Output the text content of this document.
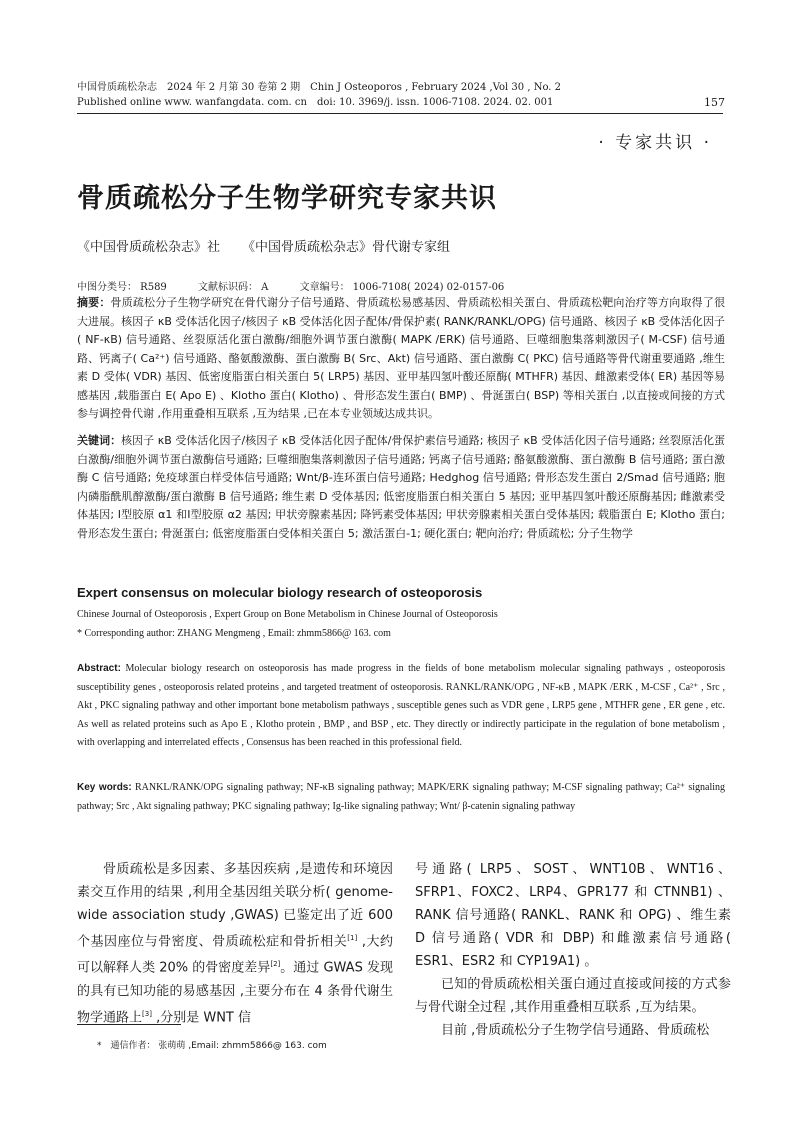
中国骨质疏松杂志　2024 年 2 月第 30 卷第 2 期　Chin J Osteoporos , February 2024 ,Vol 30 , No. 2
Published online www. wanfangdata. com. cn　doi: 10. 3969/j. issn. 1006-7108. 2024. 02. 001	157
· 专家共识 ·
骨质疏松分子生物学研究专家共识
《中国骨质疏松杂志》社 《中国骨质疏松杂志》骨代谢专家组
中图分类号： R589	文献标识码： A	文章编号： 1006-7108( 2024) 02-0157-06
摘要：骨质疏松分子生物学研究在骨代谢分子信号通路、骨质疏松易感基因、骨质疏松相关蛋白、骨质疏松靶向治疗等方向取得了很大进展。核因子 κB 受体活化因子/核因子 κB 受体活化因子配体/骨保护素( RANK/RANKL/OPG) 信号通路、核因子 κB 受体活化因子( NF-κB) 信号通路、丝裂原活化蛋白激酶/细胞外调节蛋白激酶( MAPK /ERK) 信号通路、巨噬细胞集落刺激因子( M-CSF) 信号通路、钙离子( Ca²⁺) 信号通路、酪氨酸激酶、蛋白激酶 B( Src、Akt) 信号通路、蛋白激酶 C( PKC) 信号通路等骨代谢重要通路 ,维生素 D 受体( VDR) 基因、低密度脂蛋白相关蛋白 5( LRP5) 基因、亚甲基四氢叶酸还原酶( MTHFR) 基因、雌激素受体( ER) 基因等易感基因 ,载脂蛋白 E( Apo E) 、Klotho 蛋白( Klotho) 、骨形态发生蛋白( BMP) 、骨涎蛋白( BSP) 等相关蛋白 ,以直接或间接的方式参与调控骨代谢 ,作用重叠相互联系 ,互为结果 ,已在本专业领域达成共识。
关键词：核因子 κB 受体活化因子/核因子 κB 受体活化因子配体/骨保护素信号通路; 核因子 κB 受体活化因子信号通路; 丝裂原活化蛋白激酶/细胞外调节蛋白激酶信号通路; 巨噬细胞集落刺激因子信号通路; 钙离子信号通路; 酪氨酸激酶、蛋白激酶 B 信号通路; 蛋白激酶 C 信号通路; 免疫球蛋白样受体信号通路; Wnt/β-连环蛋白信号通路; Hedghog 信号通路; 骨形态发生蛋白 2/Smad 信号通路; 胞内磷脂酰肌醇激酶/蛋白激酶 B 信号通路; 维生素 D 受体基因; 低密度脂蛋白相关蛋白 5 基因; 亚甲基四氢叶酸还原酶基因; 雌激素受体基因; Ⅰ型胶原 α1 和Ⅰ型胶原 α2 基因; 甲状旁腺素基因; 降钙素受体基因; 甲状旁腺素相关蛋白受体基因; 载脂蛋白 E; Klotho 蛋白; 骨形态发生蛋白; 骨涎蛋白; 低密度脂蛋白受体相关蛋白 5; 激活蛋白-1; 硬化蛋白; 靶向治疗; 骨质疏松; 分子生物学
Expert consensus on molecular biology research of osteoporosis
Chinese Journal of Osteoporosis , Expert Group on Bone Metabolism in Chinese Journal of Osteoporosis
* Corresponding author: ZHANG Mengmeng , Email: zhmm5866@ 163. com
Abstract: Molecular biology research on osteoporosis has made progress in the fields of bone metabolism molecular signaling pathways , osteoporosis susceptibility genes , osteoporosis related proteins , and targeted treatment of osteoporosis. RANKL/RANK/OPG , NF-κB , MAPK /ERK , M-CSF , Ca²⁺ , Src , Akt , PKC signaling pathway and other important bone metabolism pathways , susceptible genes such as VDR gene , LRP5 gene , MTHFR gene , ER gene , etc. As well as related proteins such as Apo E , Klotho protein , BMP , and BSP , etc. They directly or indirectly participate in the regulation of bone metabolism , with overlapping and interrelated effects , Consensus has been reached in this professional field.
Key words: RANKL/RANK/OPG signaling pathway; NF-κB signaling pathway; MAPK/ERK signaling pathway; M-CSF signaling pathway; Ca²⁺ signaling pathway; Src , Akt signaling pathway; PKC signaling pathway; Ig-like signaling pathway; Wnt/ β-catenin signaling pathway

骨质疏松是多因素、多基因疾病 ,是遗传和环境因素交互作用的结果 ,利用全基因组关联分析( genome-wide association study ,GWAS) 已鉴定出了近 600 个基因座位与骨密度、骨质疏松症和骨折相关[1] ,大约可以解释人类 20% 的骨密度差异[2]。通过 GWAS 发现的具有已知功能的易感基因 ,主要分布在 4 条骨代谢生物学通路上[3] ,分别是 WNT 信

号通路( LRP5、SOST、WNT10B、WNT16、SFRP1、FOXC2、LRP4、GPR177 和 CTNNB1) 、RANK 信号通路( RANKL、RANK 和 OPG) 、维生素 D 信号通路( VDR 和 DBP) 和雌激素信号通路( ESR1、ESR2 和 CYP19A1) 。

已知的骨质疏松相关蛋白通过直接或间接的方式参与骨代谢全过程 ,其作用重叠相互联系 ,互为结果。

目前 ,骨质疏松分子生物学信号通路、骨质疏松

*　通信作者： 张萌萌 ,Email: zhmm5866@ 163. com
